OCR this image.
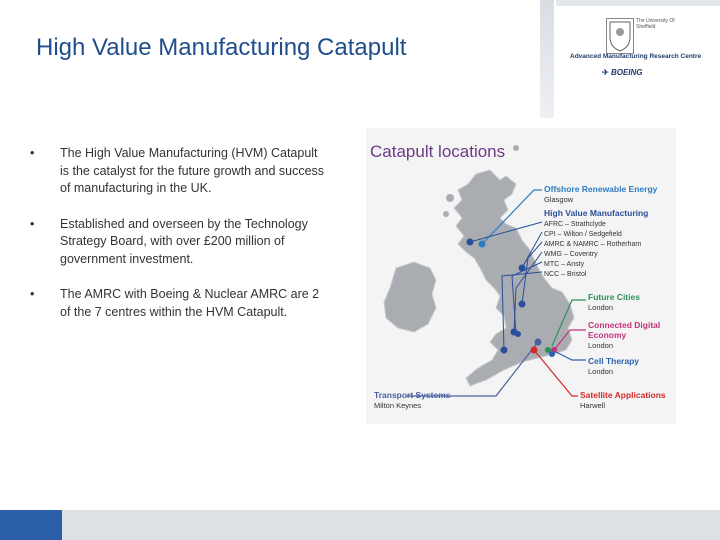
High Value Manufacturing Catapult
The University Of Sheffield
Advanced Manufacturing Research Centre
✈ BOEING
• The High Value Manufacturing (HVM) Catapult is the catalyst for the future growth and success of manufacturing in the UK.
• Established and overseen by the Technology Strategy Board, with over £200 million of government investment.
• The AMRC with Boeing & Nuclear AMRC are 2 of the 7 centres within the HVM Catapult.
Catapult locations
Offshore Renewable Energy
Glasgow
High Value Manufacturing
AFRC – Strathclyde
CPI – Wilton / Sedgefield
AMRC & NAMRC – Rotherham
WMG – Coventry
MTC – Ansty
NCC – Bristol
Future Cities
London
Connected Digital
Economy
London
Cell Therapy
London
Satellite Applications
Harwell
Transport Systems
Milton Keynes
